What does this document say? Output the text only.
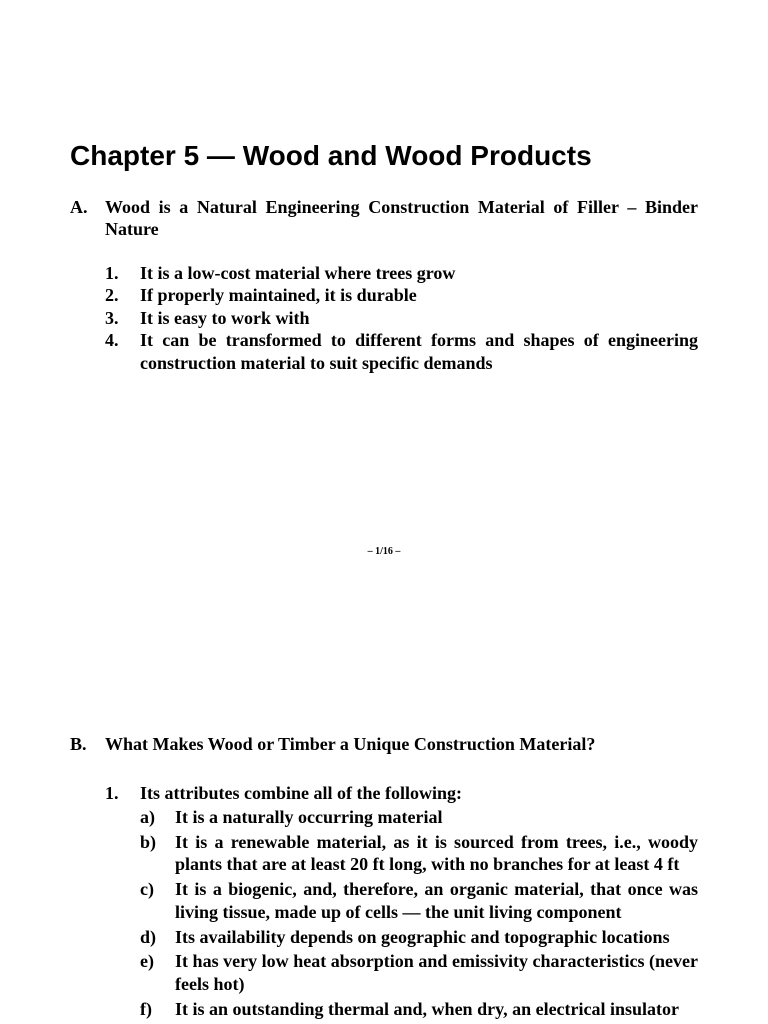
Chapter 5 — Wood and Wood Products
A. Wood is a Natural Engineering Construction Material of Filler – Binder Nature
1. It is a low-cost material where trees grow
2. If properly maintained, it is durable
3. It is easy to work with
4. It can be transformed to different forms and shapes of engineering construction material to suit specific demands
– 1/16 –
B. What Makes Wood or Timber a Unique Construction Material?
1. Its attributes combine all of the following:
a) It is a naturally occurring material
b) It is a renewable material, as it is sourced from trees, i.e., woody plants that are at least 20 ft long, with no branches for at least 4 ft
c) It is a biogenic, and, therefore, an organic material, that once was living tissue, made up of cells — the unit living component
d) Its availability depends on geographic and topographic locations
e) It has very low heat absorption and emissivity characteristics (never feels hot)
f) It is an outstanding thermal and, when dry, an electrical insulator
